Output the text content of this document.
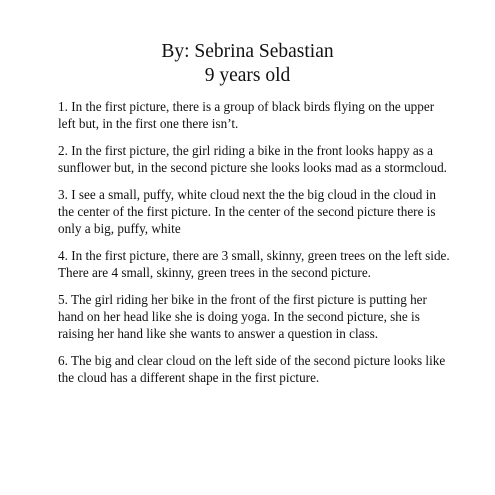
By: Sebrina Sebastian

9 years old

1. In the first picture, there is a group of black birds flying on the upper left but, in the first one there isn’t.

2. In the first picture, the girl riding a bike in the front looks happy as a sunflower but, in the second picture she looks looks mad as a stormcloud.

3. I see a small, puffy, white cloud next the the big cloud in the cloud in the center of the first picture. In the center of the second picture there is only a big, puffy, white

4. In the first picture, there are 3 small, skinny, green trees on the left side. There are 4 small, skinny, green trees in the second picture.

5. The girl riding her bike in the front of the first picture is putting her hand on her head like she is doing yoga. In the second picture, she is raising her hand like she wants to answer a question in class.

6. The big and clear cloud on the left side of the second picture looks like the cloud has a different shape in the first picture.
